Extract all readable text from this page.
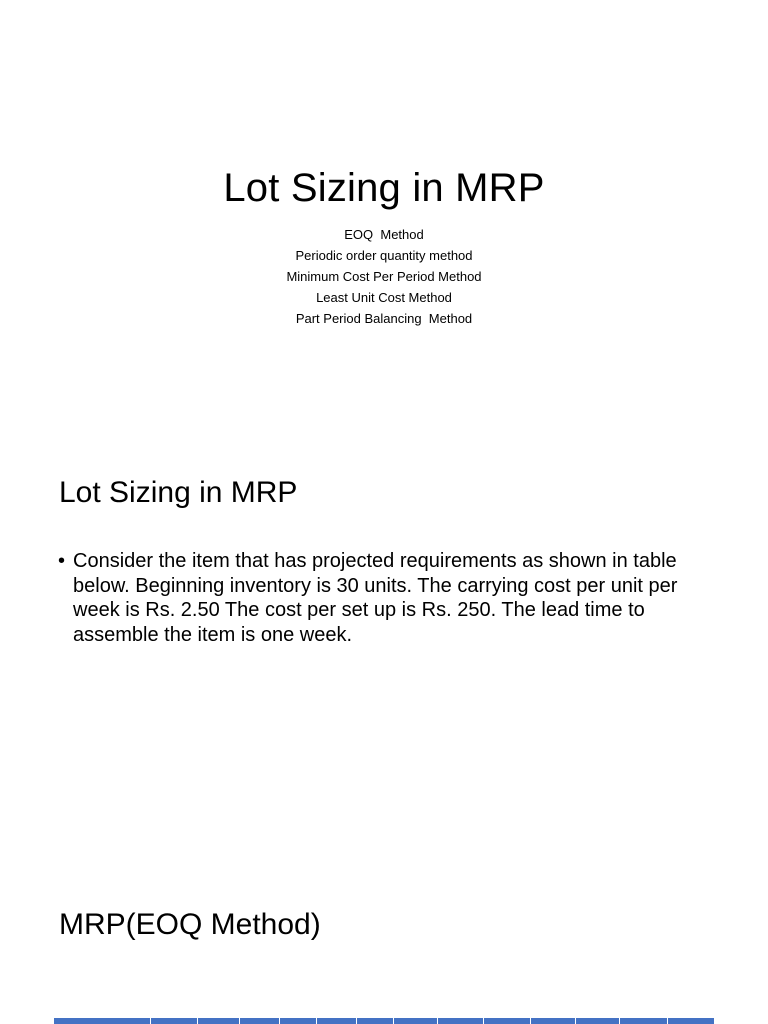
Lot Sizing in MRP
EOQ  Method
Periodic order quantity method
Minimum Cost Per Period Method
Least Unit Cost Method
Part Period Balancing  Method
Lot Sizing in MRP
• Consider the item that has projected requirements as shown in table below. Beginning inventory is 30 units. The carrying cost per unit per week is Rs. 2.50 The cost per set up is Rs. 250. The lead time to assemble the item is one week.
MRP(EOQ Method)
